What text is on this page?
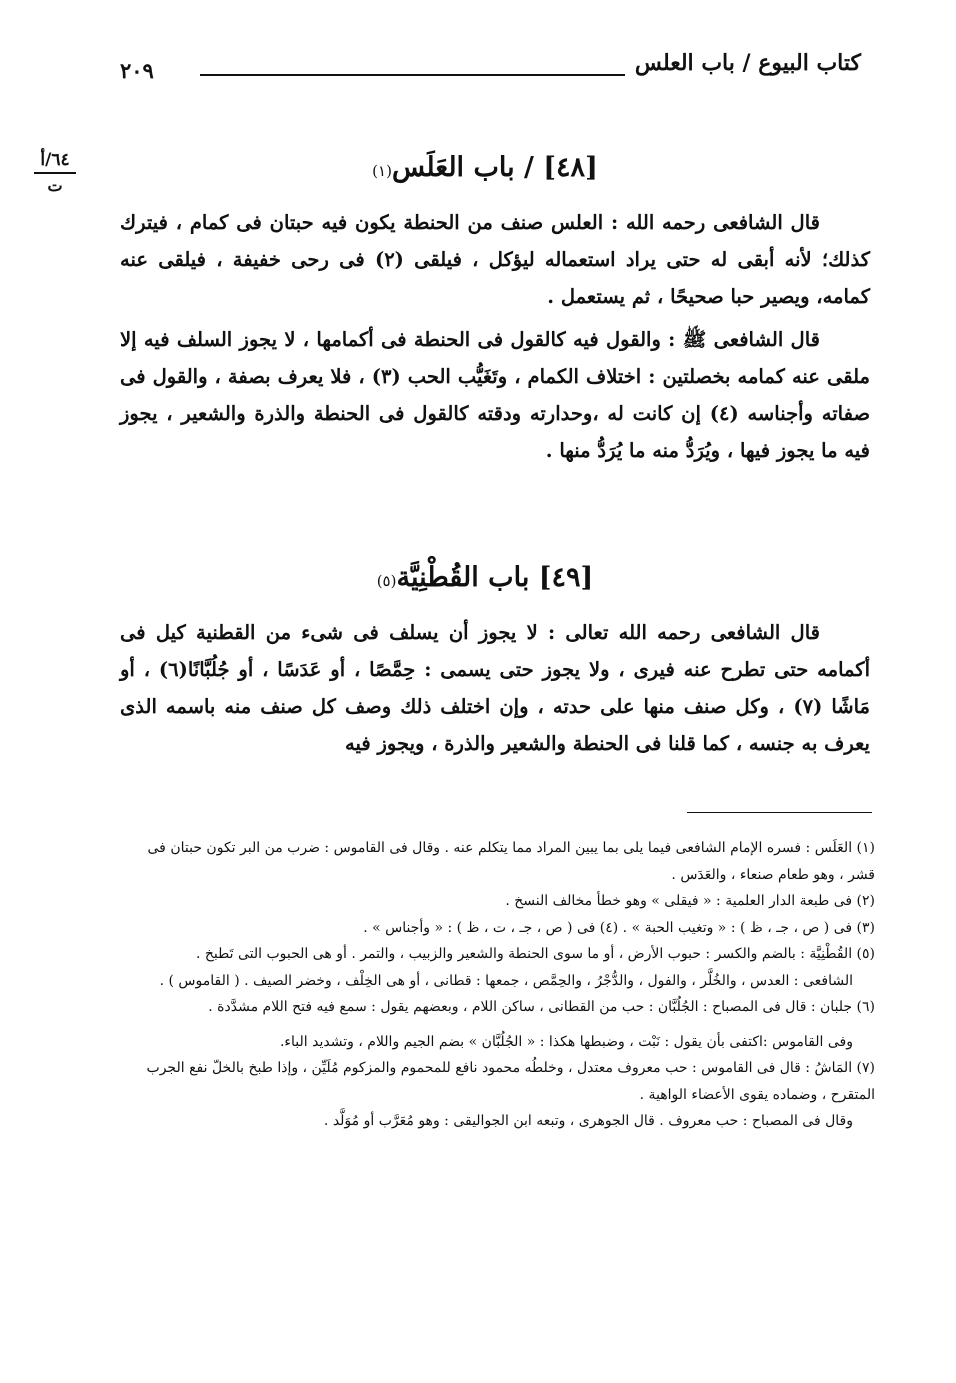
كتاب البيوع / باب العلس
٢٠٩
٦٤/أ
ت
[٤٨] / باب العَلَس(١)

قال الشافعى رحمه الله : العلس صنف من الحنطة يكون فيه حبتان فى كمام ، فيترك كذلك؛ لأنه أبقى له حتى يراد استعماله ليؤكل ، فيلقى (٢) فى رحى خفيفة ، فيلقى عنه كمامه، ويصير حبا صحيحًا ، ثم يستعمل .

قال الشافعى ﷺ : والقول فيه كالقول فى الحنطة فى أكمامها ، لا يجوز السلف فيه إلا ملقى عنه كمامه بخصلتين : اختلاف الكمام ، وتَغَيُّب الحب (٣) ، فلا يعرف بصفة ، والقول فى صفاته وأجناسه (٤) إن كانت له ،وحدارته ودقته كالقول فى الحنطة والذرة والشعير ، يجوز فيه ما يجوز فيها ، ويُرَدُّ منه ما يُرَدُّ منها .

[٤٩] باب القُطْنِيَّة(٥)

قال الشافعى رحمه الله تعالى : لا يجوز أن يسلف فى شىء من القطنية كيل فى أكمامه حتى تطرح عنه فيرى ، ولا يجوز حتى يسمى : حِمَّصًا ، أو عَدَسًا ، أو جُلُبَّانًا(٦) ، أو مَاشًا (٧) ، وكل صنف منها على حدته ، وإن اختلف ذلك وصف كل صنف منه باسمه الذى يعرف به جنسه ، كما قلنا فى الحنطة والشعير والذرة ، ويجوز فيه

(١) العَلَس : فسره الإمام الشافعى فيما يلى بما يبين المراد مما يتكلم عنه . وقال فى القاموس : ضرب من البر تكون حبتان فى قشر ، وهو طعام صنعاء ، والعَدَس .

(٢) فى طبعة الدار العلمية : « فيقلى » وهو خطأ مخالف النسخ .

(٣) فى ( ص ، جـ ، ظ ) : « وتغيب الحبة » . (٤) فى ( ص ، جـ ، ت ، ظ ) : « وأجناس » .

(٥) القُطْنِيَّة : بالضم والكسر : حبوب الأرض ، أو ما سوى الحنطة والشعير والزبيب ، والتمر . أو هى الحبوب التى تَطبخ .

الشافعى : العدس ، والخُلَّر ، والفول ، والدُّجْرُ ، والحِمَّص ، جمعها : قطانى ، أو هى الخِلْف ، وخضر الصيف . ( القاموس ) .

(٦) جلبان : قال فى المصباح : الجُلُبَّان : حب من القطانى ، ساكن اللام ، وبعضهم يقول : سمع فيه فتح اللام مشدَّدة .

وفى القاموس :اكتفى بأن يقول : نَبْت ، وضبطها هكذا : « الجُلُبَّان » بضم الجيم واللام ، وتشديد الباء.

(٧) المَاشُ : قال فى القاموس : حب معروف معتدل ، وخلطُه محمود نافع للمحموم والمزكوم مُلَيِّن ، وإذا طبخ بالخلّ نفع الجرب المتقرح ، وضماده يقوى الأعضاء الواهية .

وقال فى المصباح : حب معروف . قال الجوهرى ، وتبعه ابن الجواليقى : وهو مُعَرَّب أو مُوَلَّد .
